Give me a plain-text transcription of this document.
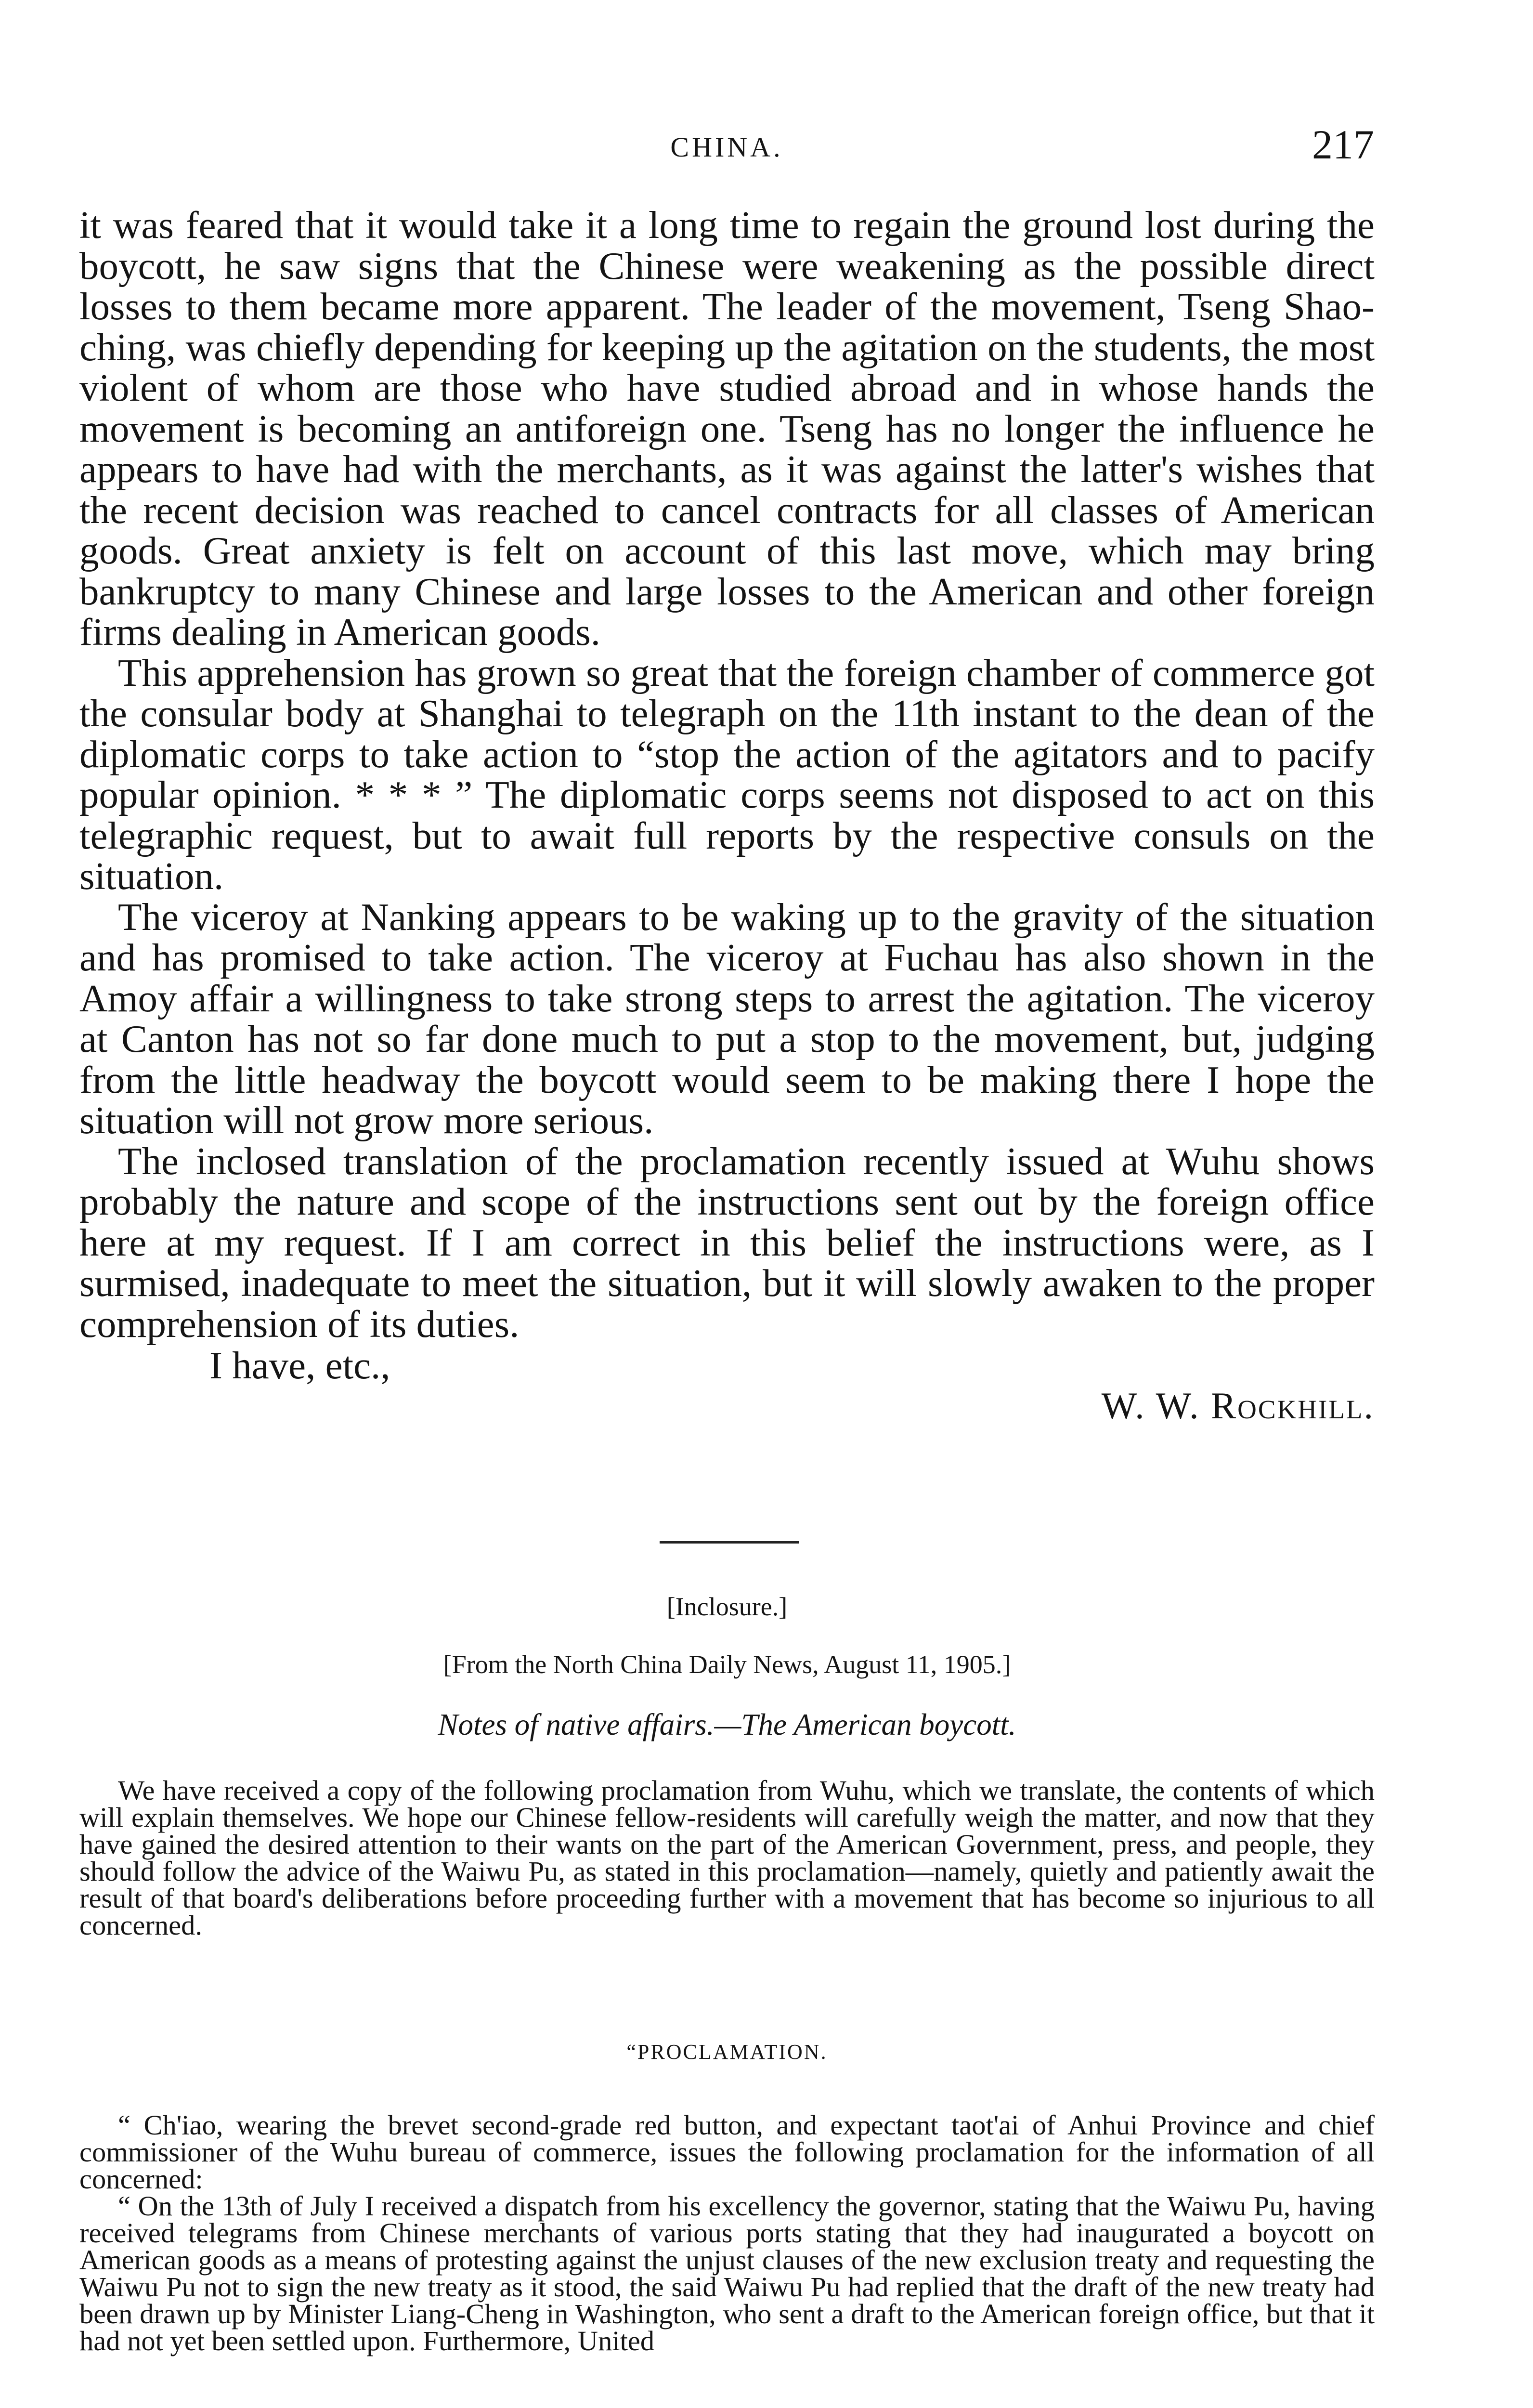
CHINA.	217

it was feared that it would take it a long time to regain the ground lost during the boycott, he saw signs that the Chinese were weakening as the possible direct losses to them became more apparent. The leader of the movement, Tseng Shao-ching, was chiefly depending for keeping up the agitation on the students, the most violent of whom are those who have studied abroad and in whose hands the movement is becoming an antiforeign one. Tseng has no longer the influence he appears to have had with the merchants, as it was against the latter's wishes that the recent decision was reached to cancel contracts for all classes of American goods. Great anxiety is felt on account of this last move, which may bring bankruptcy to many Chinese and large losses to the American and other foreign firms dealing in American goods.

This apprehension has grown so great that the foreign chamber of commerce got the consular body at Shanghai to telegraph on the 11th instant to the dean of the diplomatic corps to take action to “stop the action of the agitators and to pacify popular opinion. * * * ” The diplomatic corps seems not disposed to act on this telegraphic request, but to await full reports by the respective consuls on the situation.

The viceroy at Nanking appears to be waking up to the gravity of the situation and has promised to take action. The viceroy at Fuchau has also shown in the Amoy affair a willingness to take strong steps to arrest the agitation. The viceroy at Canton has not so far done much to put a stop to the movement, but, judging from the little headway the boycott would seem to be making there I hope the situation will not grow more serious.

The inclosed translation of the proclamation recently issued at Wuhu shows probably the nature and scope of the instructions sent out by the foreign office here at my request. If I am correct in this belief the instructions were, as I surmised, inadequate to meet the situation, but it will slowly awaken to the proper comprehension of its duties.

I have, etc.,
W. W. Rockhill.
[Inclosure.]
[From the North China Daily News, August 11, 1905.]
Notes of native affairs.—The American boycott.

We have received a copy of the following proclamation from Wuhu, which we translate, the contents of which will explain themselves. We hope our Chinese fellow-residents will carefully weigh the matter, and now that they have gained the desired attention to their wants on the part of the American Government, press, and people, they should follow the advice of the Waiwu Pu, as stated in this proclamation—namely, quietly and patiently await the result of that board's deliberations before proceeding further with a movement that has become so injurious to all concerned.

“PROCLAMATION.

“ Ch'iao, wearing the brevet second-grade red button, and expectant taot'ai of Anhui Province and chief commissioner of the Wuhu bureau of commerce, issues the following proclamation for the information of all concerned:

“ On the 13th of July I received a dispatch from his excellency the governor, stating that the Waiwu Pu, having received telegrams from Chinese merchants of various ports stating that they had inaugurated a boycott on American goods as a means of protesting against the unjust clauses of the new exclusion treaty and requesting the Waiwu Pu not to sign the new treaty as it stood, the said Waiwu Pu had replied that the draft of the new treaty had been drawn up by Minister Liang-Cheng in Washington, who sent a draft to the American foreign office, but that it had not yet been settled upon. Furthermore, United
